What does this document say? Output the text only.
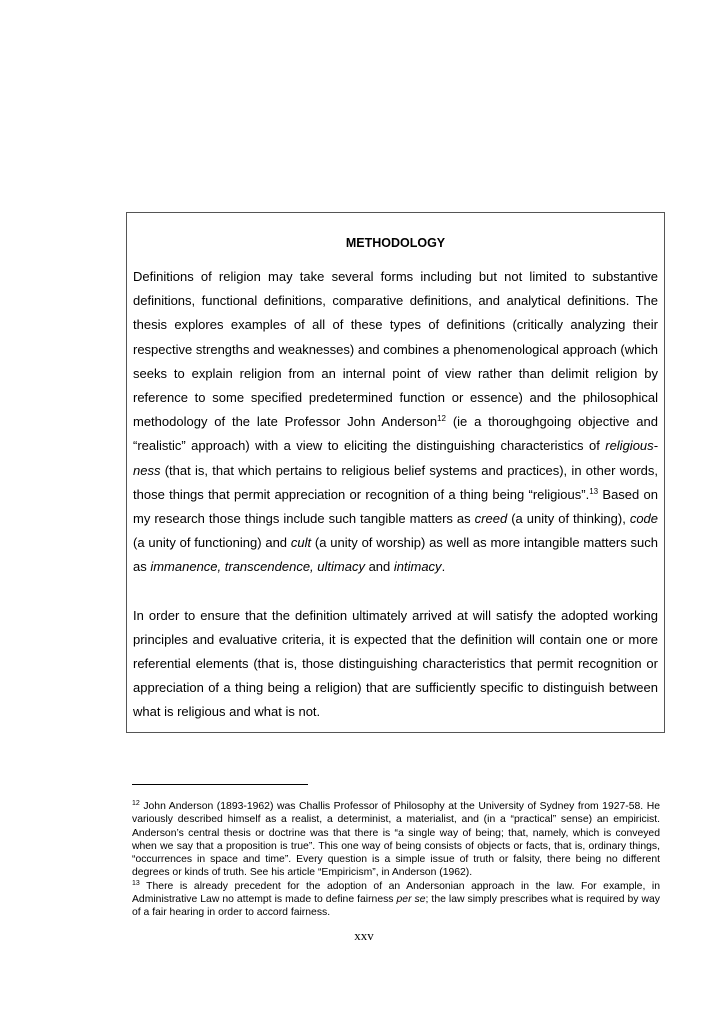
METHODOLOGY

Definitions of religion may take several forms including but not limited to substantive definitions, functional definitions, comparative definitions, and analytical definitions. The thesis explores examples of all of these types of definitions (critically analyzing their respective strengths and weaknesses) and combines a phenomenological approach (which seeks to explain religion from an internal point of view rather than delimit religion by reference to some specified predetermined function or essence) and the philosophical methodology of the late Professor John Anderson$^{12}$ (ie a thoroughgoing objective and “realistic” approach) with a view to eliciting the distinguishing characteristics of religiousness (that is, that which pertains to religious belief systems and practices), in other words, those things that permit appreciation or recognition of a thing being “religious”.$^{13}$ Based on my research those things include such tangible matters as creed (a unity of thinking), code (a unity of functioning) and cult (a unity of worship) as well as more intangible matters such as immanence, transcendence, ultimacy and intimacy.

In order to ensure that the definition ultimately arrived at will satisfy the adopted working principles and evaluative criteria, it is expected that the definition will contain one or more referential elements (that is, those distinguishing characteristics that permit recognition or appreciation of a thing being a religion) that are sufficiently specific to distinguish between what is religious and what is not.

$^{12}$ John Anderson (1893-1962) was Challis Professor of Philosophy at the University of Sydney from 1927-58. He variously described himself as a realist, a determinist, a materialist, and (in a “practical” sense) an empiricist. Anderson’s central thesis or doctrine was that there is “a single way of being; that, namely, which is conveyed when we say that a proposition is true”. This one way of being consists of objects or facts, that is, ordinary things, “occurrences in space and time”. Every question is a simple issue of truth or falsity, there being no different degrees or kinds of truth. See his article “Empiricism”, in Anderson (1962).

$^{13}$ There is already precedent for the adoption of an Andersonian approach in the law. For example, in Administrative Law no attempt is made to define fairness per se; the law simply prescribes what is required by way of a fair hearing in order to accord fairness.

xxv
